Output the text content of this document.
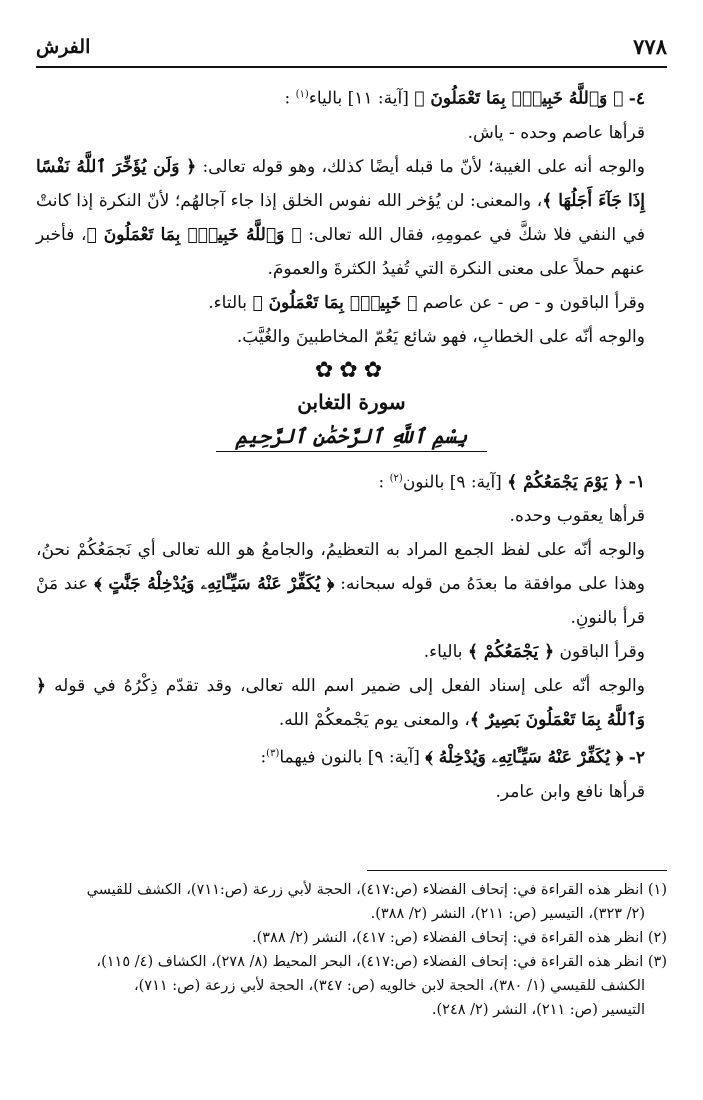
٧٧٨
الفرش

٤- ﴿ وَٱللَّهُ خَبِيرُۢ بِمَا تَعْمَلُونَ ﴾ [آية: ١١] بالياء$^{(١)}$ :

قرأها عاصم وحده - ياش.

والوجه أنه على الغيبة؛ لأنّ ما قبله أيضًا كذلك، وهو قوله تعالى: ﴿ وَلَن يُؤَخِّرَ ٱللَّهُ نَفْسًا إِذَا جَآءَ أَجَلُهَا ﴾، والمعنى: لن يُؤخر الله نفوس الخلق إذا جاء آجالهُم؛ لأنّ النكرة إذا كانتْ في النفي فلا شكَّ في عمومِهِ، فقال الله تعالى: ﴿ وَٱللَّهُ خَبِيرُۢ بِمَا تَعْمَلُونَ ﴾، فأخبر عنهم حملاً على معنى النكرة التي تُفيدُ الكثرةَ والعمومَ.

وقرأ الباقون و - ص - عن عاصم ﴿ خَبِيرُۢ بِمَا تَعْمَلُونَ ﴾ بالتاء.

والوجه أنّه على الخطابِ، فهو شائع يَعُمّ المخاطبينَ والغُيَّبَ.

✿✿✿
سورة التغابن
بِسْمِ ٱللَّهِ ٱلرَّحْمَٰنِ ٱلرَّحِيمِ

١- ﴿ يَوْمَ يَجْمَعُكُمْ ﴾ [آية: ٩] بالنون$^{(٢)}$ :

قرأها يعقوب وحده.

والوجه أنّه على لفظ الجمع المراد به التعظيمُ، والجامعُ هو الله تعالى أي نَجمَعُكُمْ نحنُ، وهذا على موافقة ما بعدَهُ من قوله سبحانه: ﴿ يُكَفِّرْ عَنْهُ سَيِّـَٔاتِهِۦ وَيُدْخِلْهُ جَنَّٰتٍ ﴾ عند مَنْ قرأ بالنونِ.

وقرأ الباقون ﴿ يَجْمَعُكُمْ ﴾ بالياء.

والوجه أنّه على إسناد الفعل إلى ضمير اسم الله تعالى، وقد تقدّم ذِكْرُهُ في قوله ﴿ وَٱللَّهُ بِمَا تَعْمَلُونَ بَصِيرٌ ﴾، والمعنى يوم يَجْمعكُمْ الله.

٢- ﴿ يُكَفِّرْ عَنْهُ سَيِّـَٔاتِهِۦ وَيُدْخِلْهُ ﴾ [آية: ٩] بالنون فيهما$^{(٣)}$:

قرأها نافع وابن عامر.

(١) انظر هذه القراءة في: إتحاف الفضلاء (ص:٤١٧)، الحجة لأبي زرعة (ص:٧١١)، الكشف للقيسي
(٢/ ٣٢٣)، التيسير (ص: ٢١١)، النشر (٢/ ٣٨٨).

(٢) انظر هذه القراءة في: إتحاف الفضلاء (ص: ٤١٧)، النشر (٢/ ٣٨٨).

(٣) انظر هذه القراءة في: إتحاف الفضلاء (ص:٤١٧)، البحر المحيط (٨/ ٢٧٨)، الكشاف (٤/ ١١٥)،
الكشف للقيسي (١/ ٣٨٠)، الحجة لابن خالويه (ص: ٣٤٧)، الحجة لأبي زرعة (ص: ٧١١)،
التيسير (ص: ٢١١)، النشر (٢/ ٢٤٨).
